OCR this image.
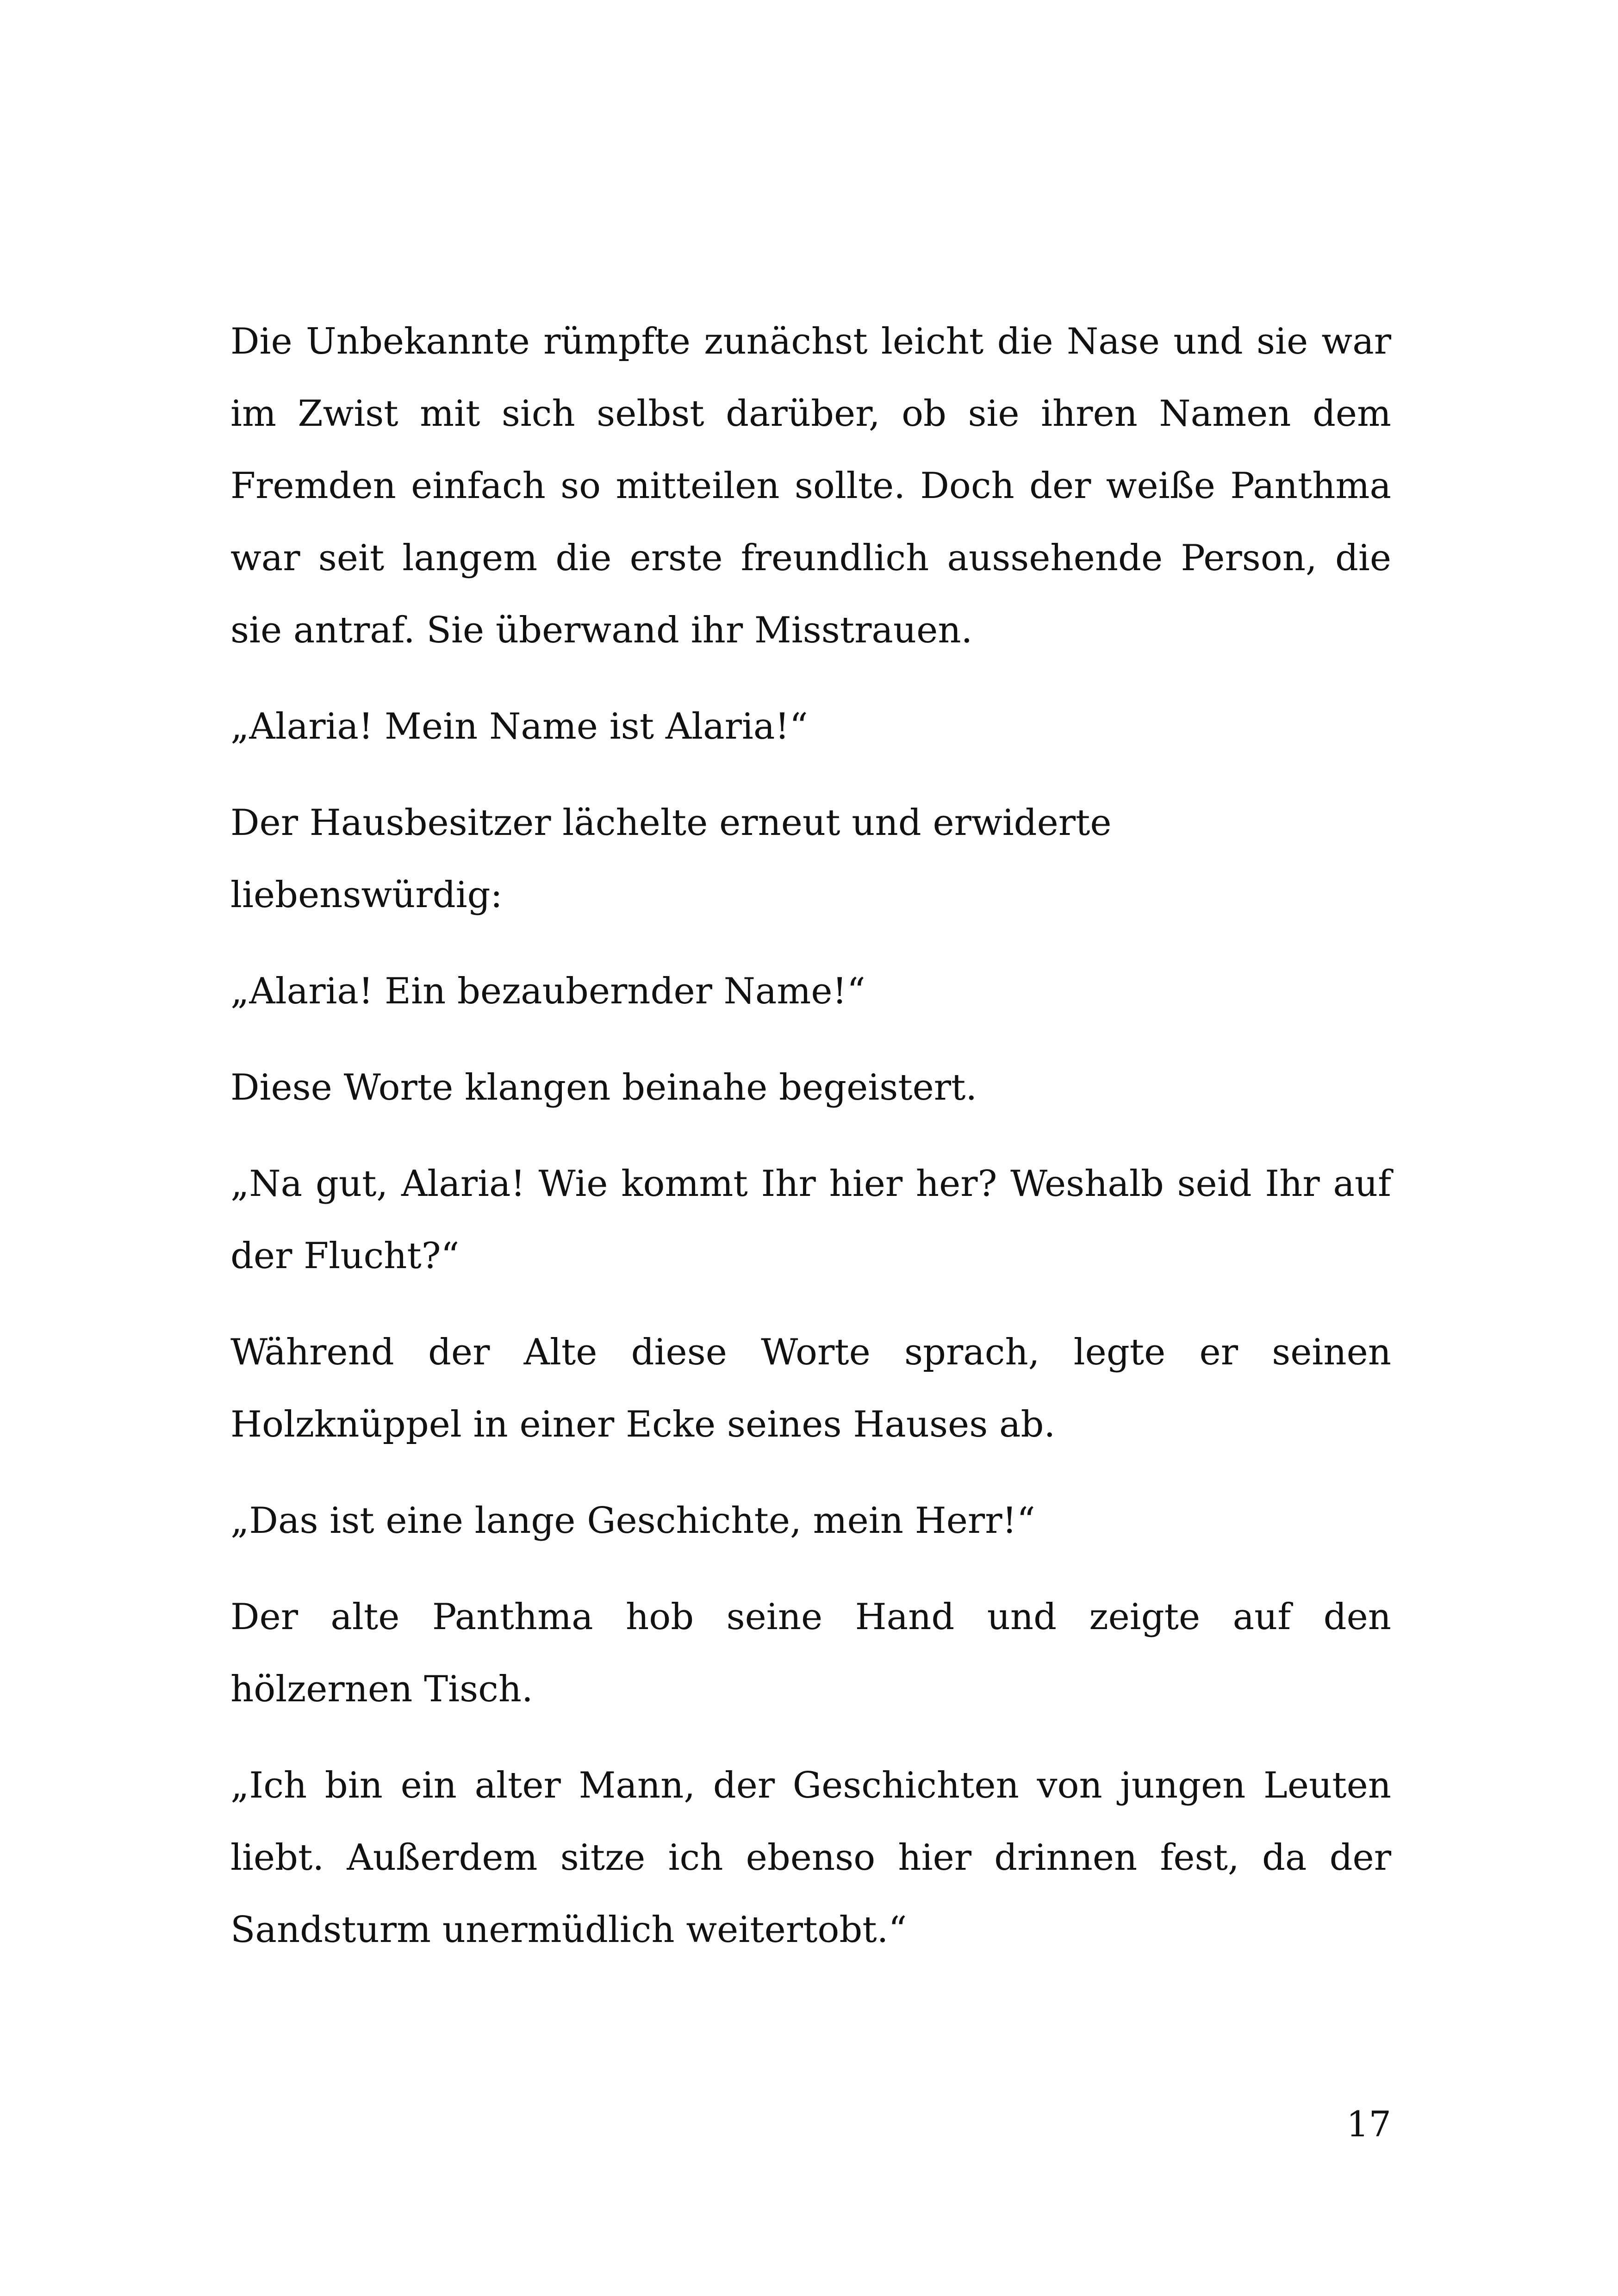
Die Unbekannte rümpfte zunächst leicht die Nase und sie war im Zwist mit sich selbst darüber, ob sie ihren Namen dem Fremden einfach so mitteilen sollte. Doch der weiße Panthma war seit langem die erste freundlich aussehende Person, die sie antraf. Sie überwand ihr Misstrauen.

„Alaria! Mein Name ist Alaria!“

Der Hausbesitzer lächelte erneut und erwiderte liebenswürdig:

„Alaria! Ein bezaubernder Name!“

Diese Worte klangen beinahe begeistert.

„Na gut, Alaria! Wie kommt Ihr hier her? Weshalb seid Ihr auf der Flucht?“

Während der Alte diese Worte sprach, legte er seinen Holzknüppel in einer Ecke seines Hauses ab.

„Das ist eine lange Geschichte, mein Herr!“

Der alte Panthma hob seine Hand und zeigte auf den hölzernen Tisch.

„Ich bin ein alter Mann, der Geschichten von jungen Leuten liebt. Außerdem sitze ich ebenso hier drinnen fest, da der Sandsturm unermüdlich weitertobt.“

17
